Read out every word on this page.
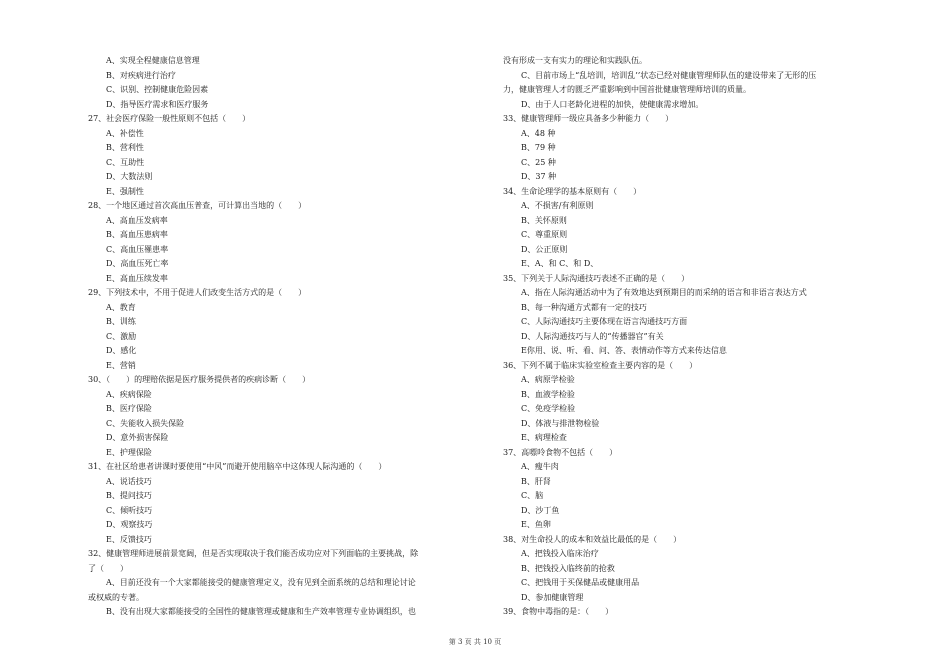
A、实现全程健康信息管理
B、对疾病进行治疗
C、识别、控制健康危险因素
D、指导医疗需求和医疗服务
27、社会医疗保险一般性原则不包括（　　）
A、补偿性
B、营利性
C、互助性
D、大数法则
E、强制性
28、一个地区通过首次高血压普查，可计算出当地的（　　）
A、高血压发病率
B、高血压患病率
C、高血压罹患率
D、高血压死亡率
E、高血压续发率
29、下列技术中，不用于促进人们改变生活方式的是（　　）
A、教育
B、训练
C、激励
D、感化
E、营销
30、（　　）的理赔依据是医疗服务提供者的疾病诊断（　　）
A、疾病保险
B、医疗保险
C、失能收入损失保险
D、意外损害保险
E、护理保险
31、在社区给患者讲课时要使用“中风”而避开使用脑卒中这体现人际沟通的（　　）
A、说话技巧
B、提问技巧
C、倾听技巧
D、观察技巧
E、反馈技巧
32、健康管理师进展前景宽阔，但是否实现取决于我们能否成功应对下列面临的主要挑战，除
了（　　）
A、目前还没有一个大家都能接受的健康管理定义，没有见到全面系统的总结和理论讨论
或权威的专著。
B、没有出现大家都能接受的全国性的健康管理或健康和生产效率管理专业协调组织，也
没有形成一支有实力的理论和实践队伍。
C、目前市场上“乱培训，培训乱’’状态已经对健康管理师队伍的建设带来了无形的压
力，健康管理人才的匮乏严重影响到中国首批健康管理师培训的质量。
D、由于人口老龄化进程的加快，使健康需求增加。
33、健康管理师一级应具备多少种能力（　　）
A、48 种
B、79 种
C、25 种
D、37 种
34、生命论理学的基本原则有（　　）
A、不损害/有利原则
B、关怀原则
C、尊重原则
D、公正原则
E、A、和 C、和 D、
35、下列关于人际沟通技巧表述不正确的是（　　）
A、指在人际沟通活动中为了有效地达到预期目的而采纳的语言和非语言表达方式
B、每一种沟通方式都有一定的技巧
C、人际沟通技巧主要体现在语言沟通技巧方面
D、人际沟通技巧与人的“传播器官”有关
E你用、说、听、看、问、答、表情动作等方式来传达信息
36、下列不属于临床实验室检查主要内容的是（　　）
A、病原学检验
B、血液学检验
C、免疫学检验
D、体液与排泄物检验
E、病理检查
37、高嘌呤食物不包括（　　）
A、瘦牛肉
B、肝肾
C、脑
D、沙丁鱼
E、鱼卵
38、对生命投人的成本和效益比最低的是（　　）
A、把钱投入临床治疗
B、把钱投入临终前的抢救
C、把钱用于买保健品或健康用品
D、参加健康管理
39、食物中毒指的是：（　　）
第 3 页 共 10 页
